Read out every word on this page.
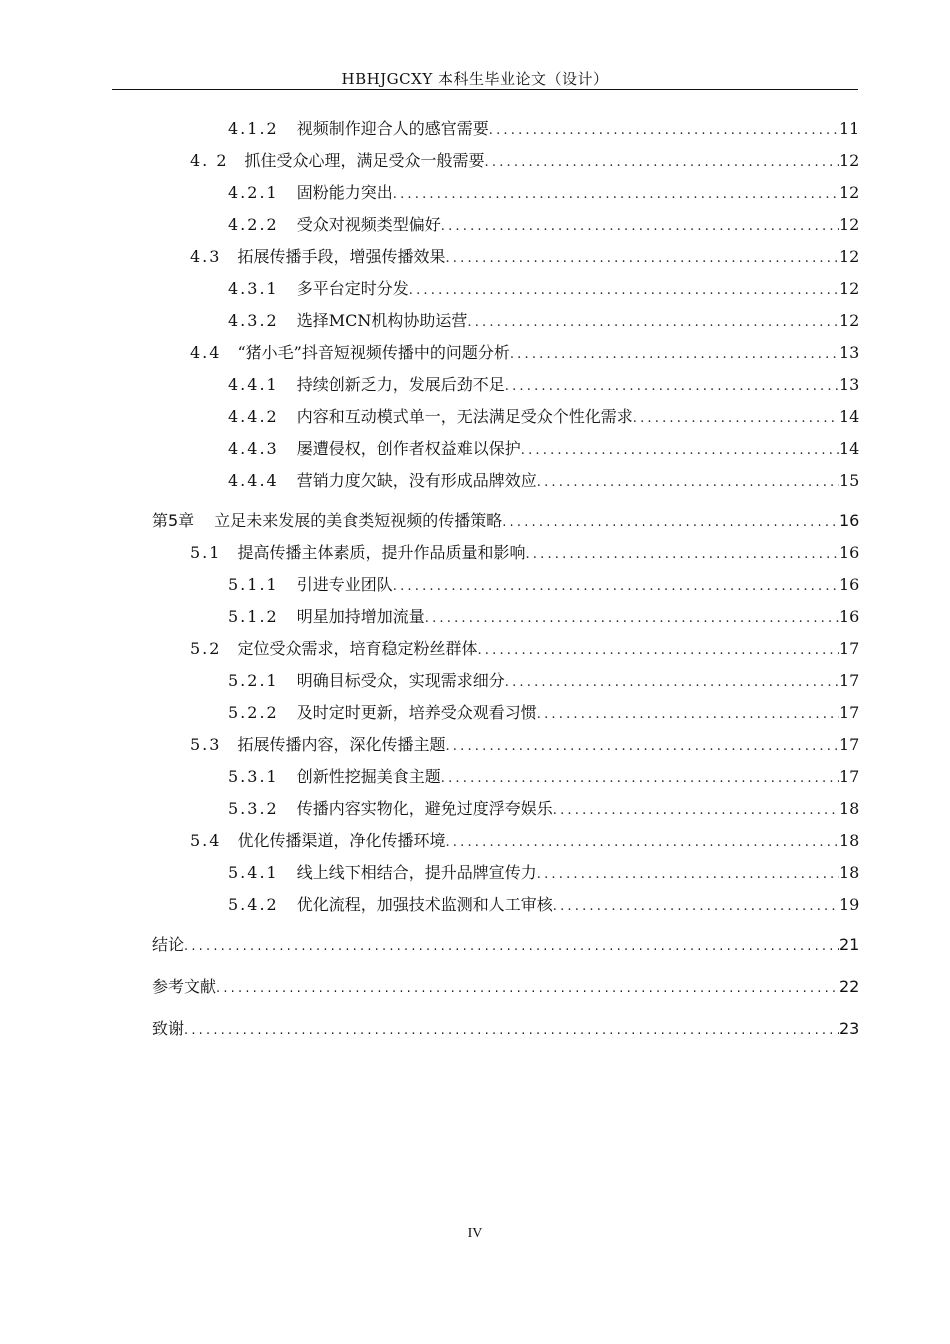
HBHJGCXY 本科生毕业论文（设计）
4.1.2 视频制作迎合人的感官需要 .....	11
4. 2 抓住受众心理，满足受众一般需要 .....	12
4.2.1 固粉能力突出 .....	12
4.2.2 受众对视频类型偏好 .....	12
4.3 拓展传播手段，增强传播效果 .....	12
4.3.1 多平台定时分发 .....	12
4.3.2 选择MCN机构协助运营 .....	12
4.4 “猪小毛”抖音短视频传播中的问题分析 .....	13
4.4.1 持续创新乏力，发展后劲不足 .....	13
4.4.2 内容和互动模式单一，无法满足受众个性化需求 .....	14
4.4.3 屡遭侵权，创作者权益难以保护 .....	14
4.4.4 营销力度欠缺，没有形成品牌效应 .....	15
第5章 立足未来发展的美食类短视频的传播策略 .....	16
5.1 提高传播主体素质，提升作品质量和影响 .....	16
5.1.1 引进专业团队 .....	16
5.1.2 明星加持增加流量 .....	16
5.2 定位受众需求，培育稳定粉丝群体 .....	17
5.2.1 明确目标受众，实现需求细分 .....	17
5.2.2 及时定时更新，培养受众观看习惯 .....	17
5.3 拓展传播内容，深化传播主题 .....	17
5.3.1 创新性挖掘美食主题 .....	17
5.3.2 传播内容实物化，避免过度浮夸娱乐 .....	18
5.4 优化传播渠道，净化传播环境 .....	18
5.4.1 线上线下相结合，提升品牌宣传力 .....	18
5.4.2 优化流程，加强技术监测和人工审核 .....	19
结论 .....	21
参考文献 .....	22
致谢 .....	23
IV
